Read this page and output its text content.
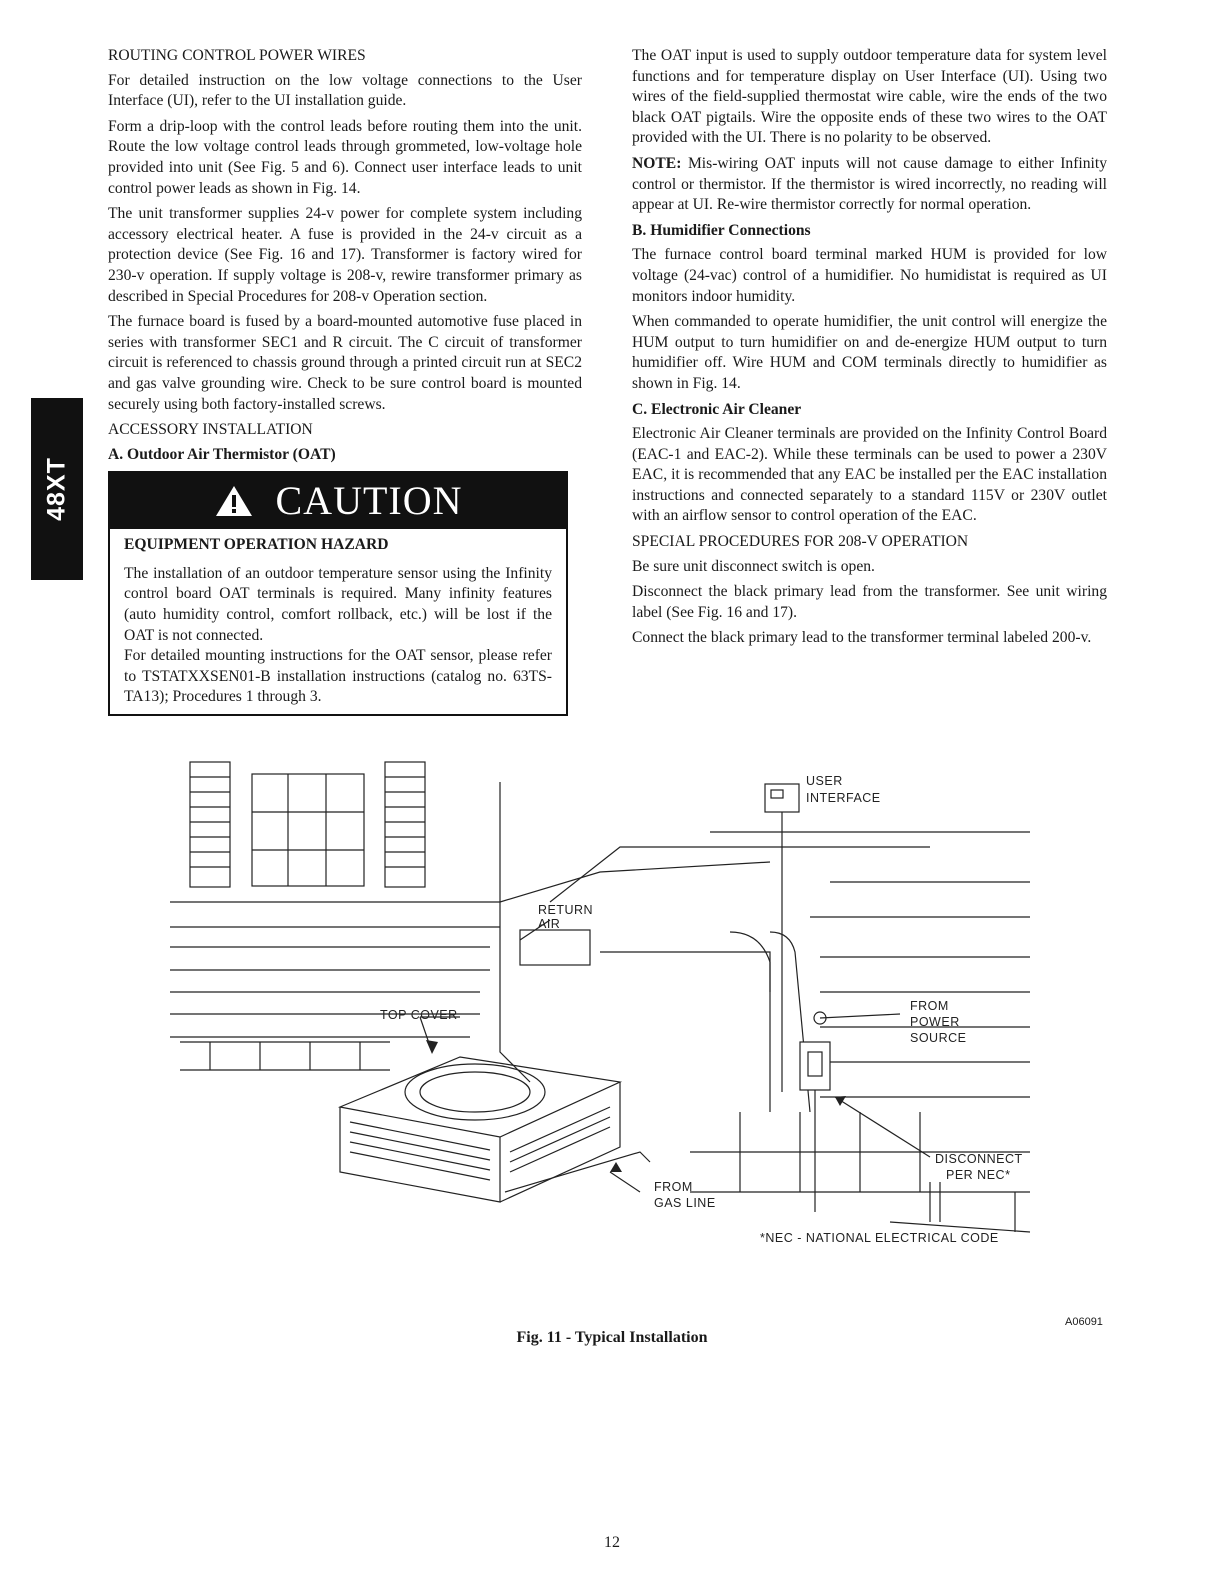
48XT

ROUTING CONTROL POWER WIRES

For detailed instruction on the low voltage connections to the User Interface (UI), refer to the UI installation guide.

Form a drip-loop with the control leads before routing them into the unit. Route the low voltage control leads through grommeted, low-voltage hole provided into unit (See Fig. 5 and 6). Connect user interface leads to unit control power leads as shown in Fig. 14.

The unit transformer supplies 24-v power for complete system including accessory electrical heater. A fuse is provided in the 24-v circuit as a protection device (See Fig. 16 and 17). Transformer is factory wired for 230-v operation. If supply voltage is 208-v, rewire transformer primary as described in Special Procedures for 208-v Operation section.

The furnace board is fused by a board-mounted automotive fuse placed in series with transformer SEC1 and R circuit. The C circuit of transformer circuit is referenced to chassis ground through a printed circuit run at SEC2 and gas valve grounding wire. Check to be sure control board is mounted securely using both factory-installed screws.

ACCESSORY INSTALLATION

A. Outdoor Air Thermistor (OAT)

CAUTION

EQUIPMENT OPERATION HAZARD

The installation of an outdoor temperature sensor using the Infinity control board OAT terminals is required. Many infinity features (auto humidity control, comfort rollback, etc.) will be lost if the OAT is not connected.

For detailed mounting instructions for the OAT sensor, please refer to TSTATXXSEN01-B installation instructions (catalog no. 63TS-TA13); Procedures 1 through 3.

The OAT input is used to supply outdoor temperature data for system level functions and for temperature display on User Interface (UI). Using two wires of the field-supplied thermostat wire cable, wire the ends of the two black OAT pigtails. Wire the opposite ends of these two wires to the OAT provided with the UI. There is no polarity to be observed.

NOTE: Mis-wiring OAT inputs will not cause damage to either Infinity control or thermistor. If the thermistor is wired incorrectly, no reading will appear at UI. Re-wire thermistor correctly for normal operation.

B. Humidifier Connections

The furnace control board terminal marked HUM is provided for low voltage (24-vac) control of a humidifier. No humidistat is required as UI monitors indoor humidity.

When commanded to operate humidifier, the unit control will energize the HUM output to turn humidifier on and de-energize HUM output to turn humidifier off. Wire HUM and COM terminals directly to humidifier as shown in Fig. 14.

C. Electronic Air Cleaner

Electronic Air Cleaner terminals are provided on the Infinity Control Board (EAC-1 and EAC-2). While these terminals can be used to power a 230V EAC, it is recommended that any EAC be installed per the EAC installation instructions and connected separately to a standard 115V or 230V outlet with an airflow sensor to control operation of the EAC.

SPECIAL PROCEDURES FOR 208-V OPERATION

Be sure unit disconnect switch is open.

Disconnect the black primary lead from the transformer. See unit wiring label (See Fig. 16 and 17).

Connect the black primary lead to the transformer terminal labeled 200-v.

USER
INTERFACE
RETURN
AIR
TOP COVER
FROM
POWER
SOURCE
DISCONNECT
PER NEC*
FROM
GAS LINE
*NEC - NATIONAL ELECTRICAL CODE
A06091
Fig. 11 - Typical Installation
12
